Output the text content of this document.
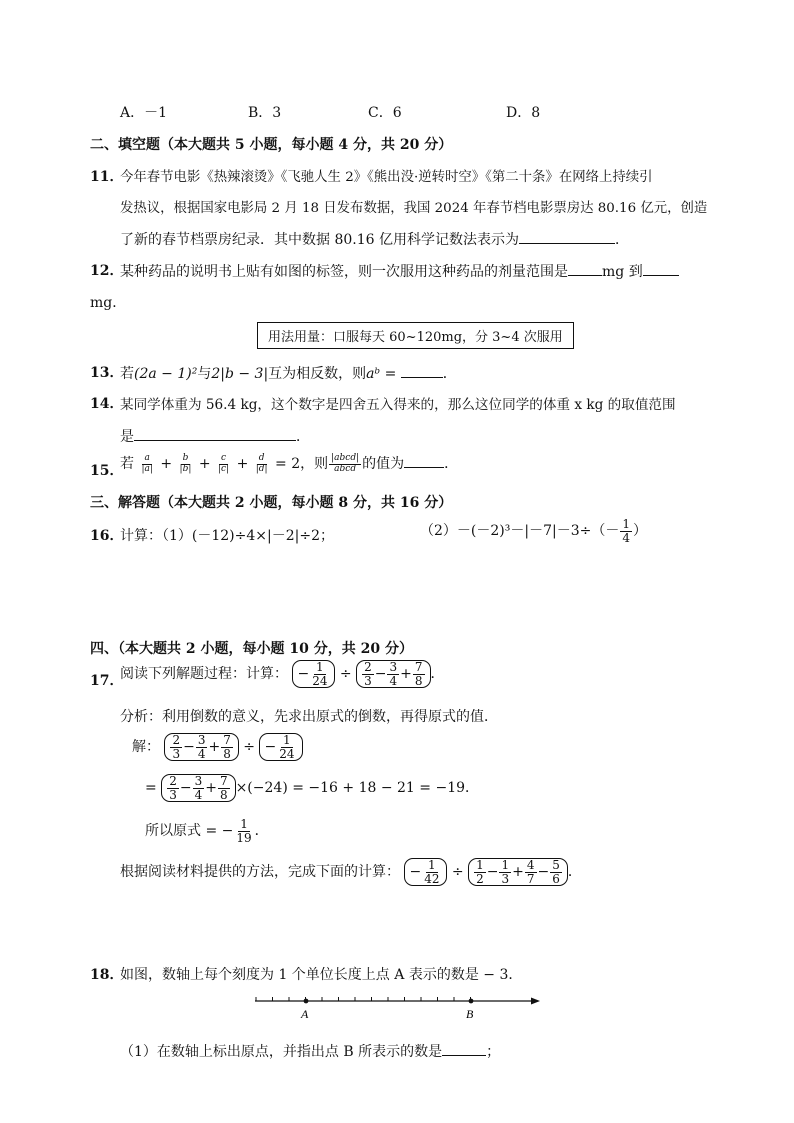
A．－1	B．3	C．6	D．8
二、填空题（本大题共 5 小题，每小题 4 分，共 20 分）
11．
今年春节电影《热辣滚烫》《飞驰人生 2》《熊出没·逆转时空》《第二十条》在网络上持续引
发热议，根据国家电影局 2 月 18 日发布数据，我国 2024 年春节档电影票房达 80.16 亿元，创造
了新的春节档票房纪录．其中数据 80.16 亿用科学记数法表示为	．
12．
某种药品的说明书上贴有如图的标签，则一次服用这种药品的剂量范围是 mg 到
mg．
用法用量：口服每天 60~120mg，分 3~4 次服用
13．
若(2a − 1)²与2|b − 3|互为相反数，则aᵇ =	．
14．
某同学体重为 56.4 kg，这个数字是四舍五入得来的，那么这位同学的体重 x kg 的取值范围
是	．
15．
若 $\frac{a}{|a|} + \frac{b}{|b|} + \frac{c}{|c|} + \frac{d}{|d|} = 2$，则 $\frac{\text{|abcd|}}{\text{abcd}}$ 的值为	．
三、解答题（本大题共 2 小题，每小题 8 分，共 16 分）
16．
计算：（1）(－12)÷4×|－2|÷2；	$(2)-(-2)^3-|-7|-3\div(- \frac{1}{4}$ ）
四、（本大题共 2 小题，每小题 10 分，共 20 分）
17．
阅读下列解题过程：计算： − $\frac{1}{24} \div \frac{2}{3} - \frac{3}{4} + \frac{7}{8}$ ．
分析：利用倒数的意义，先求出原式的倒数，再得原式的值．
解： $\frac{2}{3} - \frac{3}{4} + \frac{7}{8}$ ÷ − $\frac{1}{24}$
= $\frac{2}{3} - \frac{3}{4} + \frac{7}{8} \times(-24) = -16 + 18 - 21 = -19$．
所以原式 = − $\frac{1}{19}$ ．
根据阅读材料提供的方法，完成下面的计算： − $\frac{1}{42} \div \frac{1}{2} - \frac{1}{3} + \frac{4}{7} - \frac{5}{6}$ ．
18．
如图，数轴上每个刻度为 1 个单位长度上点 A 表示的数是 − 3．
A	B
（1）在数轴上标出原点，并指出点 B 所表示的数是	；
